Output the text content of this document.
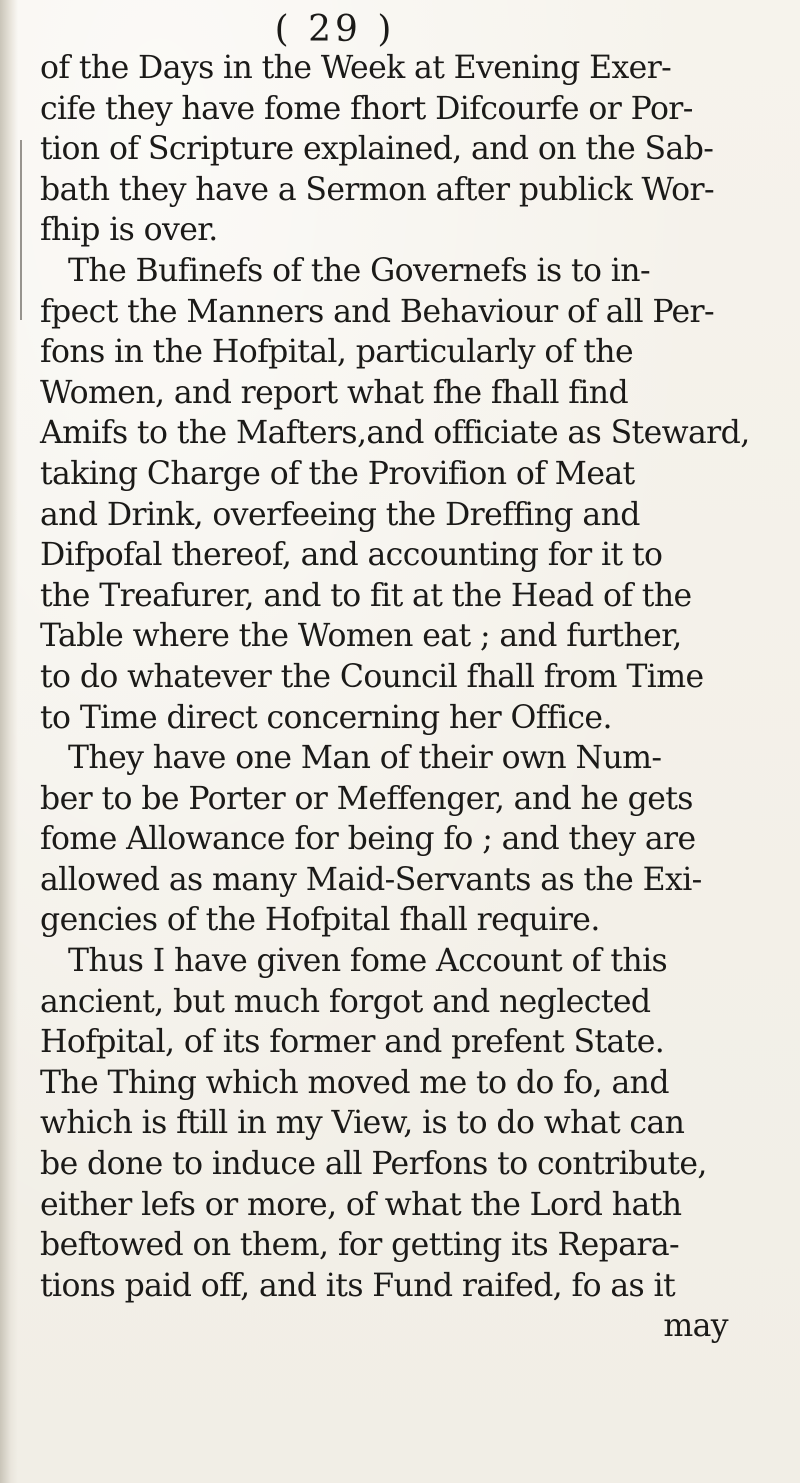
( 29 )
of the Days in the Week at Evening Exer-
cife they have fome fhort Difcourfe or Por-
tion of Scripture explained, and on the Sab-
bath they have a Sermon after publick Wor-
fhip is over.
The Bufinefs of the Governefs is to in-
fpect the Manners and Behaviour of all Per-
fons in the Hofpital, particularly of the
Women, and report what fhe fhall find
Amifs to the Mafters,and officiate as Steward,
taking Charge of the Provifion of Meat
and Drink, overfeeing the Dreffing and
Difpofal thereof, and accounting for it to
the Treafurer, and to fit at the Head of the
Table where the Women eat ; and further,
to do whatever the Council fhall from Time
to Time direct concerning her Office.
They have one Man of their own Num-
ber to be Porter or Meffenger, and he gets
fome Allowance for being fo ; and they are
allowed as many Maid-Servants as the Exi-
gencies of the Hofpital fhall require.
Thus I have given fome Account of this
ancient, but much forgot and neglected
Hofpital, of its former and prefent State.
The Thing which moved me to do fo, and
which is ftill in my View, is to do what can
be done to induce all Perfons to contribute,
either lefs or more, of what the Lord hath
beftowed on them, for getting its Repara-
tions paid off, and its Fund raifed, fo as it
may
